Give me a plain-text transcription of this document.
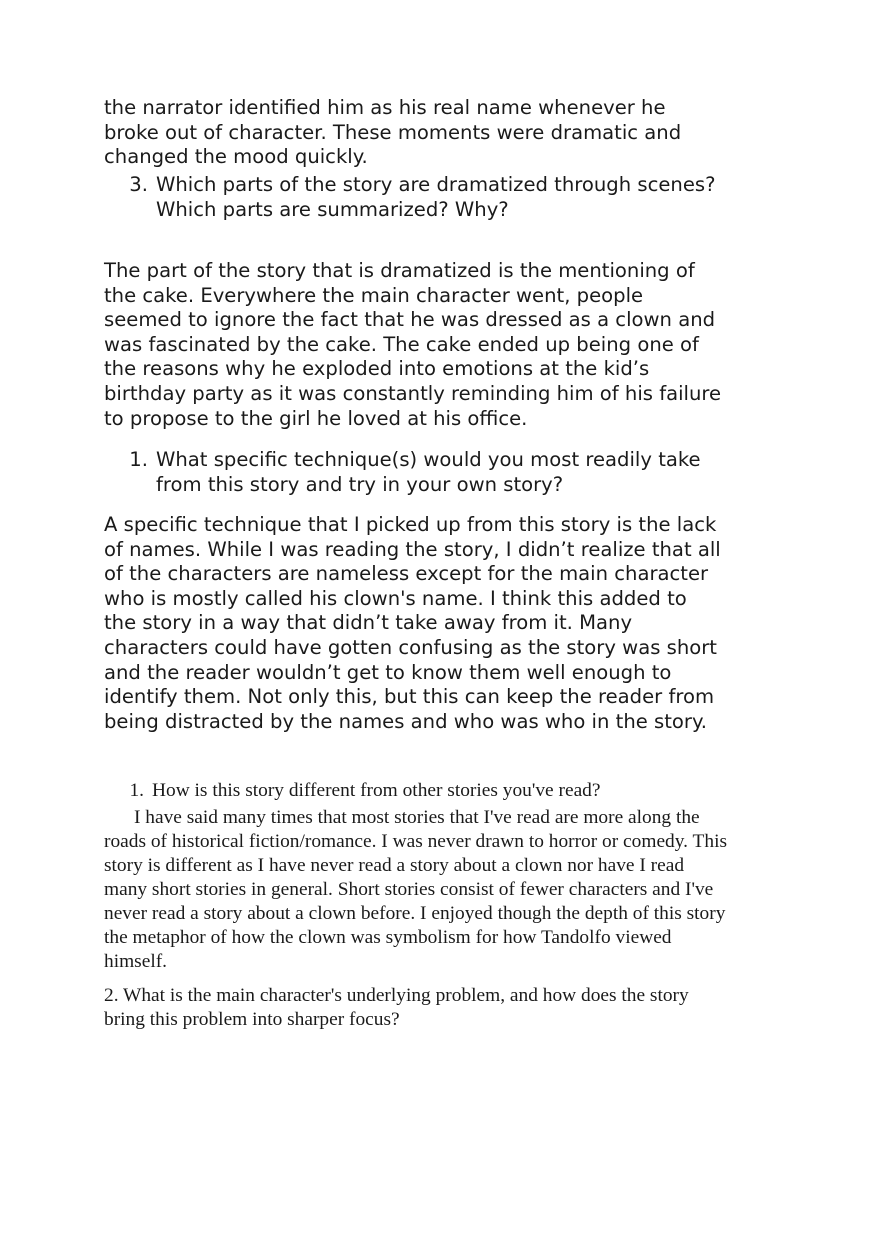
the narrator identified him as his real name whenever he
broke out of character. These moments were dramatic and
changed the mood quickly.
3. Which parts of the story are dramatized through scenes?
Which parts are summarized? Why?
The part of the story that is dramatized is the mentioning of
the cake. Everywhere the main character went, people
seemed to ignore the fact that he was dressed as a clown and
was fascinated by the cake. The cake ended up being one of
the reasons why he exploded into emotions at the kid’s
birthday party as it was constantly reminding him of his failure
to propose to the girl he loved at his office.
1. What specific technique(s) would you most readily take
from this story and try in your own story?
A specific technique that I picked up from this story is the lack
of names. While I was reading the story, I didn’t realize that all
of the characters are nameless except for the main character
who is mostly called his clown's name. I think this added to
the story in a way that didn’t take away from it. Many
characters could have gotten confusing as the story was short
and the reader wouldn’t get to know them well enough to
identify them. Not only this, but this can keep the reader from
being distracted by the names and who was who in the story.
1. How is this story different from other stories you've read?
I have said many times that most stories that I've read are more along the
roads of historical fiction/romance. I was never drawn to horror or comedy. This
story is different as I have never read a story about a clown nor have I read
many short stories in general. Short stories consist of fewer characters and I've
never read a story about a clown before. I enjoyed though the depth of this story
the metaphor of how the clown was symbolism for how Tandolfo viewed
himself.
2. What is the main character's underlying problem, and how does the story
bring this problem into sharper focus?
